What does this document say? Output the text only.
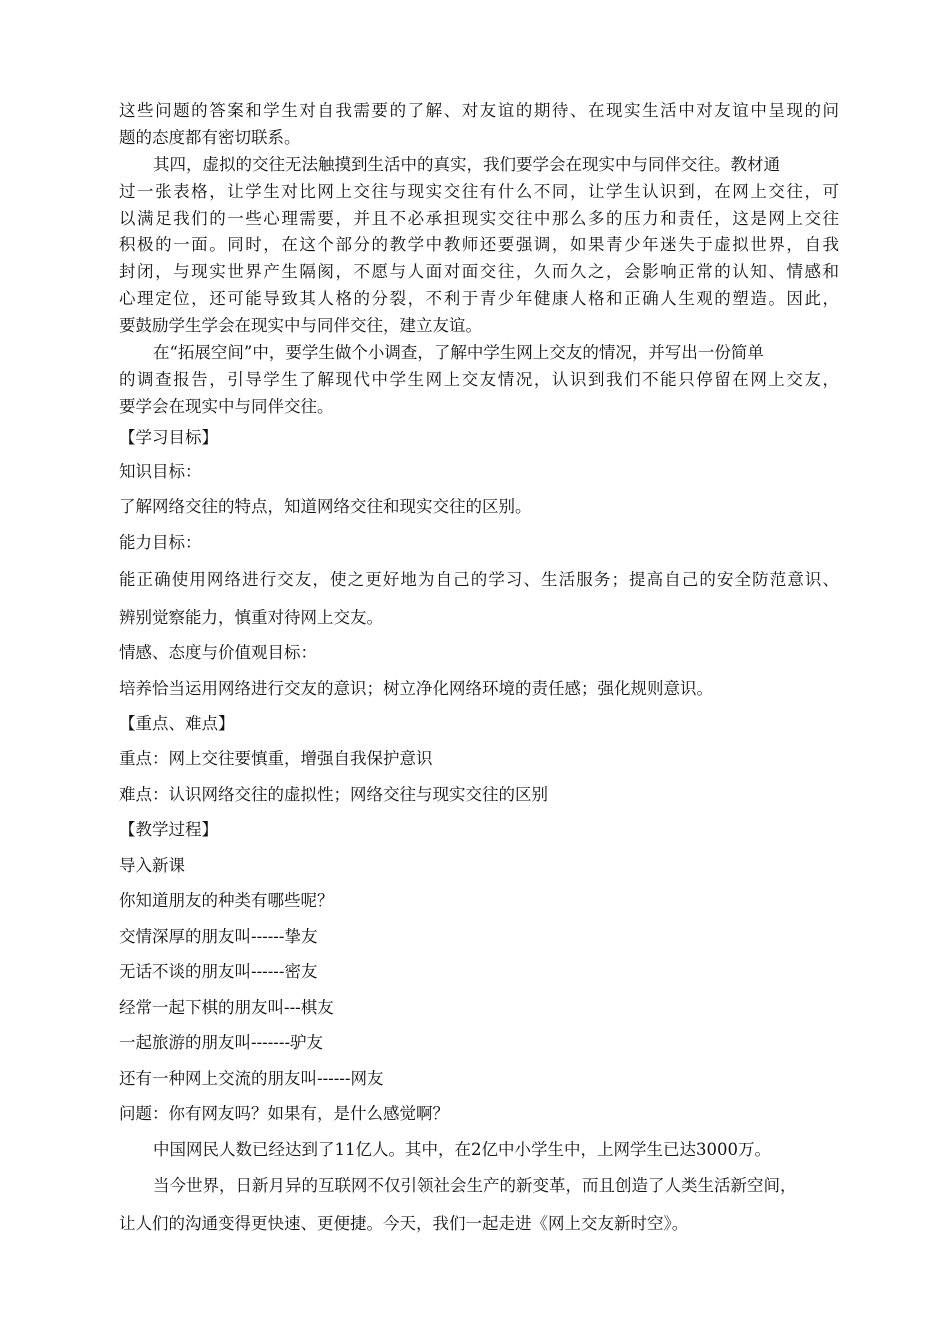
这些问题的答案和学生对自我需要的了解、对友谊的期待、在现实生活中对友谊中呈现的问
题的态度都有密切联系。
其四，虚拟的交往无法触摸到生活中的真实，我们要学会在现实中与同伴交往。教材通
过一张表格，让学生对比网上交往与现实交往有什么不同，让学生认识到，在网上交往，可
以满足我们的一些心理需要，并且不必承担现实交往中那么多的压力和责任，这是网上交往
积极的一面。同时，在这个部分的教学中教师还要强调，如果青少年迷失于虚拟世界，自我
封闭，与现实世界产生隔阂，不愿与人面对面交往，久而久之，会影响正常的认知、情感和
心理定位，还可能导致其人格的分裂，不利于青少年健康人格和正确人生观的塑造。因此，
要鼓励学生学会在现实中与同伴交往，建立友谊。
在“拓展空间”中，要学生做个小调查，了解中学生网上交友的情况，并写出一份简单
的调查报告，引导学生了解现代中学生网上交友情况，认识到我们不能只停留在网上交友，
要学会在现实中与同伴交往。
【学习目标】
知识目标：
了解网络交往的特点，知道网络交往和现实交往的区别。
能力目标：
能正确使用网络进行交友，使之更好地为自己的学习、生活服务；提高自己的安全防范意识、
辨别觉察能力，慎重对待网上交友。
情感、态度与价值观目标：
培养恰当运用网络进行交友的意识；树立净化网络环境的责任感；强化规则意识。
【重点、难点】
重点：网上交往要慎重，增强自我保护意识
难点：认识网络交往的虚拟性；网络交往与现实交往的区别
【教学过程】
导入新课
你知道朋友的种类有哪些呢？
交情深厚的朋友叫------挚友
无话不谈的朋友叫------密友
经常一起下棋的朋友叫---棋友
一起旅游的朋友叫-------驴友
还有一种网上交流的朋友叫------网友
问题：你有网友吗？如果有，是什么感觉啊？
中国网民人数已经达到了11亿人。其中，在2亿中小学生中，上网学生已达3000万。
当今世界，日新月异的互联网不仅引领社会生产的新变革，而且创造了人类生活新空间，
让人们的沟通变得更快速、更便捷。今天，我们一起走进《网上交友新时空》。
